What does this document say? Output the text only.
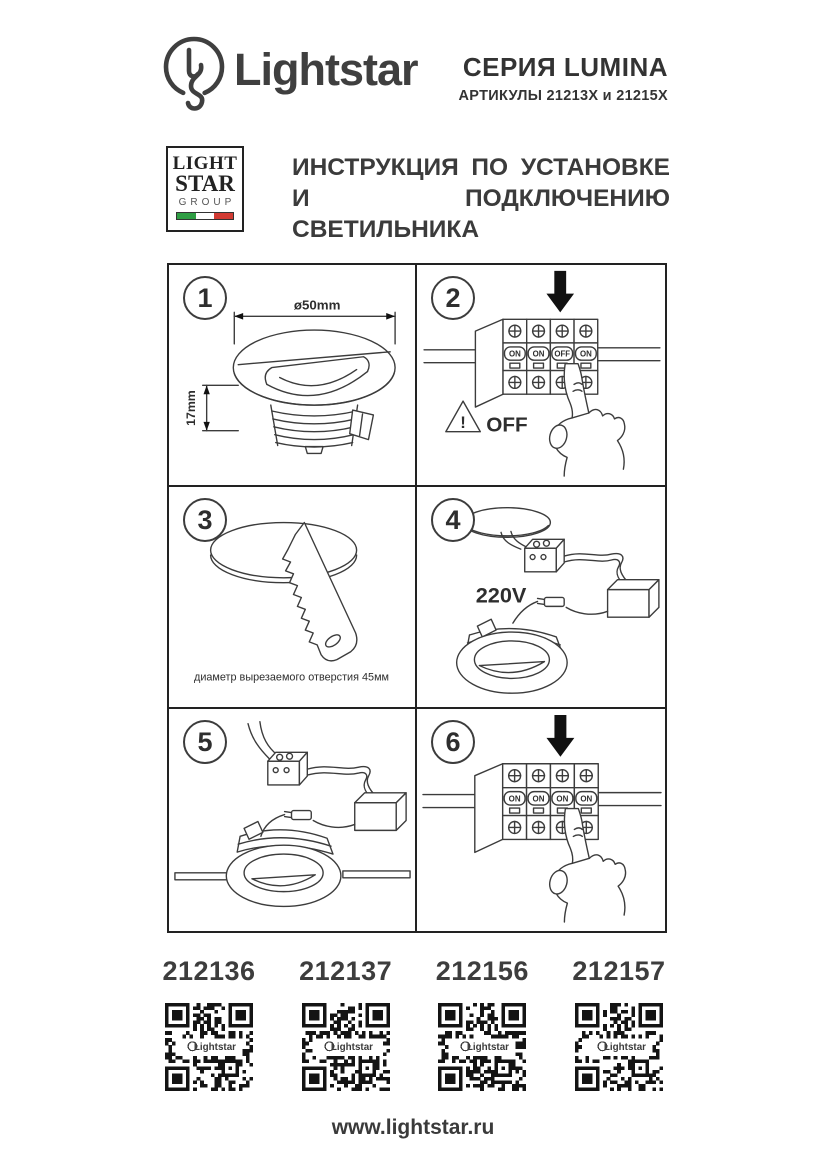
Lightstar СЕРИЯ LUMINA
АРТИКУЛЫ 21213X и 21215X
LIGHT
STAR
GROUP
ИНСТРУКЦИЯ ПО УСТАНОВКЕ
И ПОДКЛЮЧЕНИЮ СВЕТИЛЬНИКА
1	ø50mm
17mm
2
ON ON OFF ON
! OFF
3
диаметр вырезаемого отверстия 45мм
4
220V
5	6
ON ON ON ON
212136
Lightstar
212137
Lightstar
212156
Lightstar
212157
Lightstar
www.lightstar.ru
